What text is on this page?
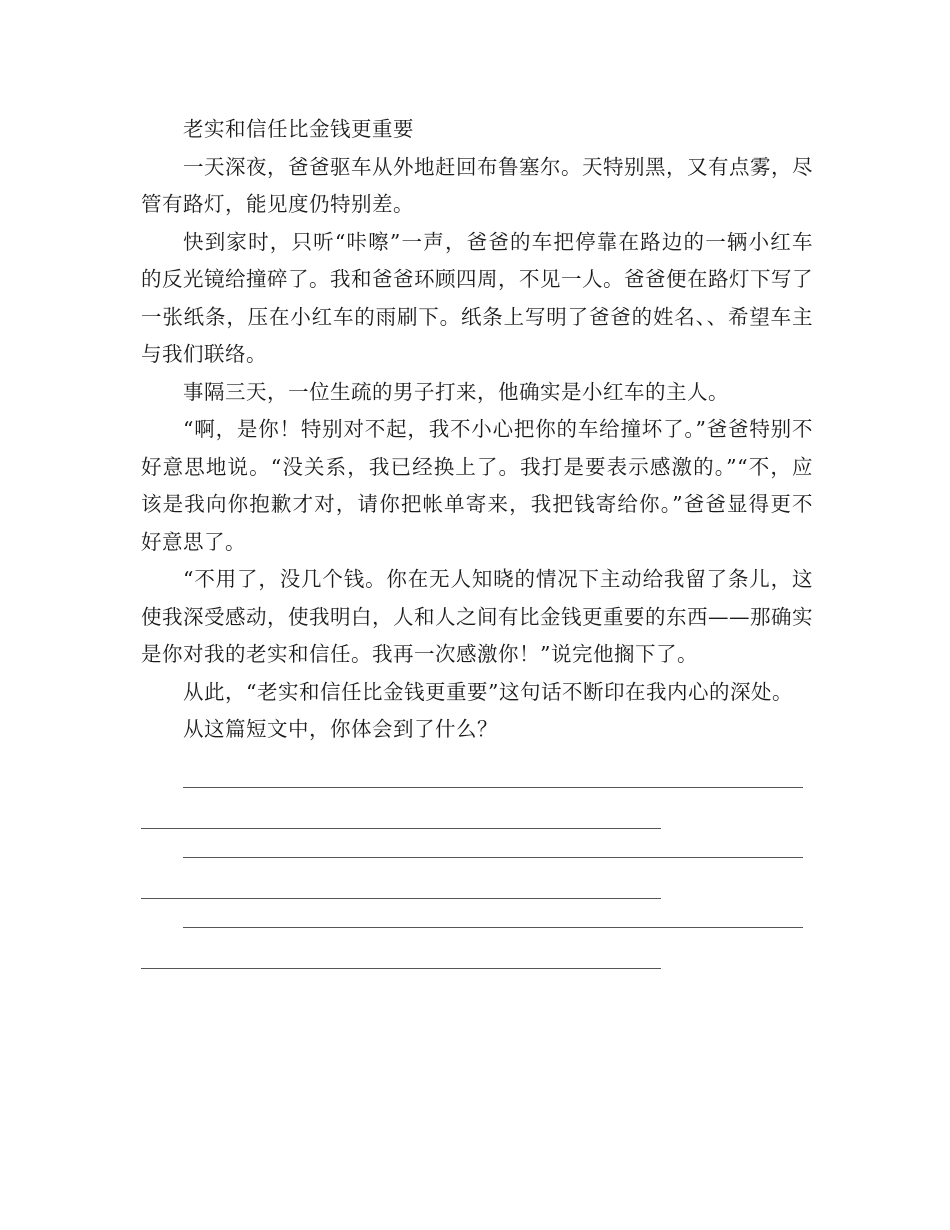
老实和信任比金钱更重要

一天深夜，爸爸驱车从外地赶回布鲁塞尔。天特别黑，又有点雾，尽管有路灯，能见度仍特别差。

快到家时，只听“咔嚓”一声，爸爸的车把停靠在路边的一辆小红车的反光镜给撞碎了。我和爸爸环顾四周，不见一人。爸爸便在路灯下写了一张纸条，压在小红车的雨刷下。纸条上写明了爸爸的姓名、、希望车主与我们联络。

事隔三天，一位生疏的男子打来，他确实是小红车的主人。

“啊，是你！特别对不起，我不小心把你的车给撞坏了。”爸爸特别不好意思地说。“没关系，我已经换上了。我打是要表示感激的。”“不，应该是我向你抱歉才对，请你把帐单寄来，我把钱寄给你。”爸爸显得更不好意思了。

“不用了，没几个钱。你在无人知晓的情况下主动给我留了条儿，这使我深受感动，使我明白，人和人之间有比金钱更重要的东西——那确实是你对我的老实和信任。我再一次感激你！”说完他搁下了。

从此，“老实和信任比金钱更重要”这句话不断印在我内心的深处。

从这篇短文中，你体会到了什么？
